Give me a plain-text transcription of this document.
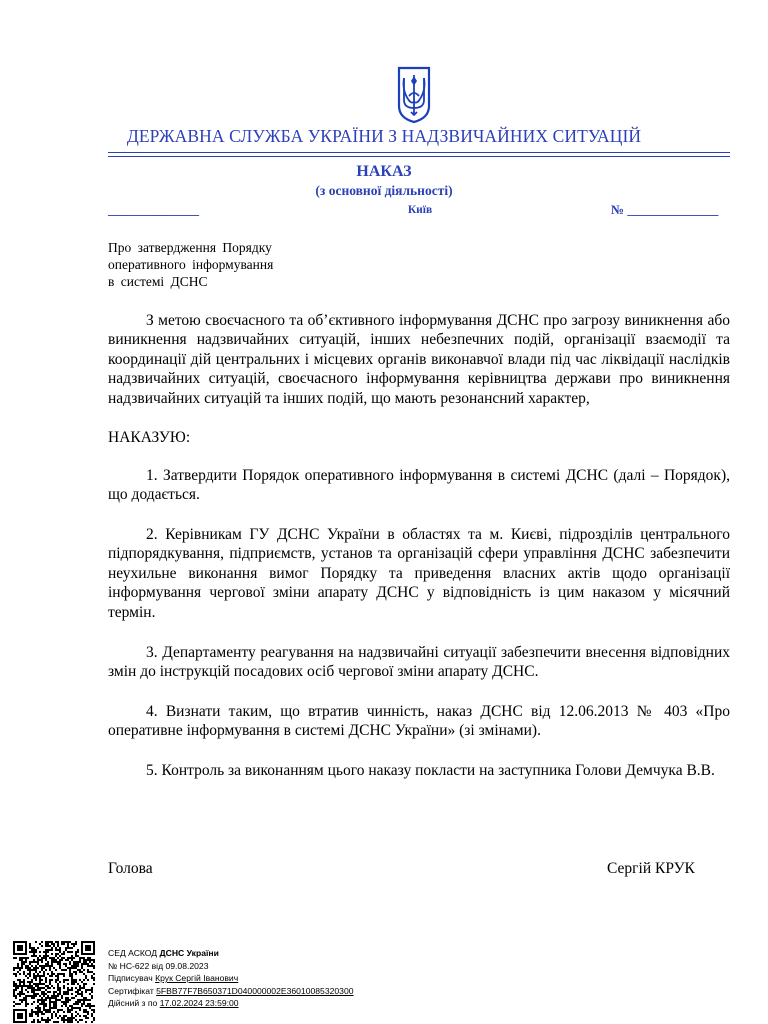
ДЕРЖАВНА СЛУЖБА УКРАЇНИ З НАДЗВИЧАЙНИХ СИТУАЦІЙ
НАКАЗ
(з основної діяльності)
______________	Київ	№ ______________
Про затвердження Порядку
оперативного інформування
в системі ДСНС
З метою своєчасного та об’єктивного інформування ДСНС про загрозу виникнення або виникнення надзвичайних ситуацій, інших небезпечних подій, організації взаємодії та координації дій центральних і місцевих органів виконавчої влади під час ліквідації наслідків надзвичайних ситуацій, своєчасного інформування керівництва держави про виникнення надзвичайних ситуацій та інших подій, що мають резонансний характер,
НАКАЗУЮ:
1. Затвердити Порядок оперативного інформування в системі ДСНС (далі – Порядок), що додається.
2. Керівникам ГУ ДСНС України в областях та м. Києві, підрозділів центрального підпорядкування, підприємств, установ та організацій сфери управління ДСНС забезпечити неухильне виконання вимог Порядку та приведення власних актів щодо організації інформування чергової зміни апарату ДСНС у відповідність із цим наказом у місячний термін.
3. Департаменту реагування на надзвичайні ситуації забезпечити внесення відповідних змін до інструкцій посадових осіб чергової зміни апарату ДСНС.
4. Визнати таким, що втратив чинність, наказ ДСНС від 12.06.2013 № 403 «Про оперативне інформування в системі ДСНС України» (зі змінами).
5. Контроль за виконанням цього наказу покласти на заступника Голови Демчука В.В.
Голова	Сергій КРУК
СЕД АСКОД ДСНС України
№ НС-622 від 09.08.2023
Підписувач Крук Сергій Іванович
Сертифікат 5FBB77F7B650371D040000002E36010085320300
Дійсний з по 17.02.2024 23:59:00
